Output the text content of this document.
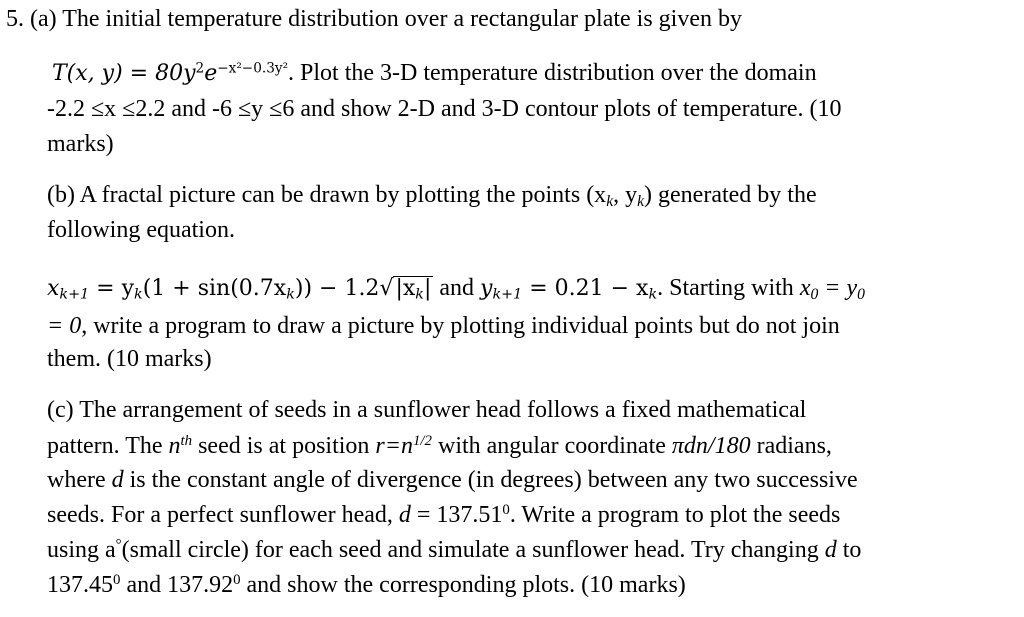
5. (a) The initial temperature distribution over a rectangular plate is given by
T(x, $y) = 80y^2e^{-x^2-0.3y^2}$. Plot the 3-D temperature distribution over the domain
-2.2 ≤x ≤2.2 and -6 ≤y ≤6 and show 2-D and 3-D contour plots of temperature. (10
marks)
(b) A fractal picture can be drawn by plotting the points ($x_k$, $y_k$) generated by the
following equation.
$x_{k+1} = y_k(1 + \sin(0.7x_k)) - 1.2√|x_k|$ and $y_{k+1} = 0.21 - x_k$. Starting with $x_0 = y_0$
= 0, write a program to draw a picture by plotting individual points but do not join
them. (10 marks)
(c) The arrangement of seeds in a sunflower head follows a fixed mathematical
pattern. The $n^{th}$ seed is at position $r=n^{1/2}$ with angular coordinate πdn/180 radians,
where d is the constant angle of divergence (in degrees) between any two successive
seeds. For a perfect sunflower head, $d = 137.51^0$. Write a program to plot the seeds
using a°(small circle) for each seed and simulate a sunflower head. Try changing d to
137.45$^0$ and 137.92$^0$ and show the corresponding plots. (10 marks)
